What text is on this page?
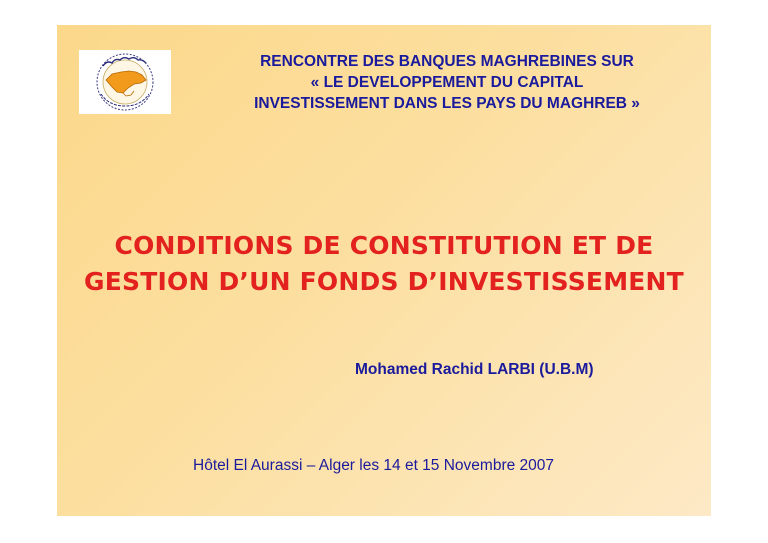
RENCONTRE DES BANQUES MAGHREBINES SUR
« LE DEVELOPPEMENT DU CAPITAL
INVESTISSEMENT DANS LES PAYS DU MAGHREB »
CONDITIONS DE CONSTITUTION ET DE
GESTION D’UN FONDS D’INVESTISSEMENT
Mohamed Rachid LARBI (U.B.M)
Hôtel El Aurassi – Alger les 14 et 15 Novembre 2007
